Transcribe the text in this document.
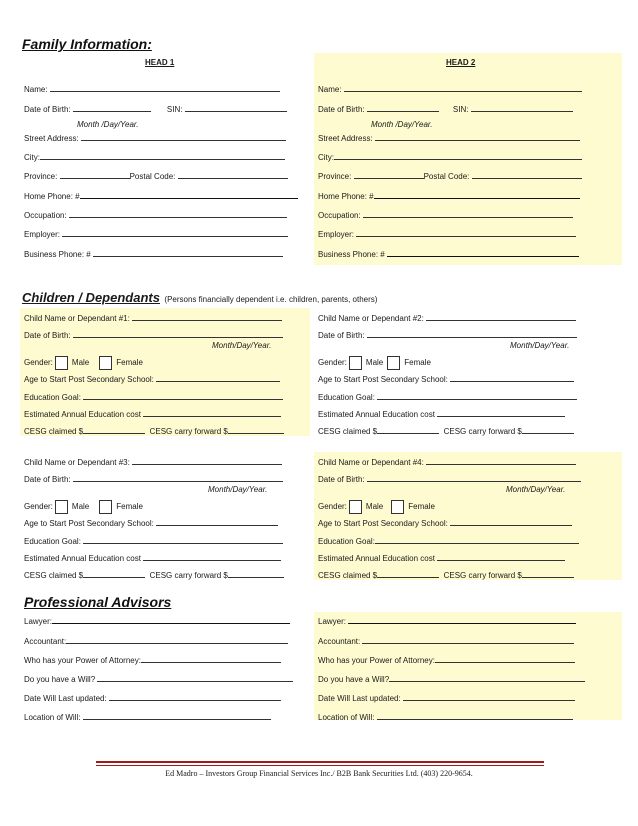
Family Information:
HEAD 1
Name:
Date of Birth:	SIN:
Month /Day/Year.
Street Address:
City:
Province:	Postal Code:
Home Phone: #
Occupation:
Employer:
Business Phone: #
HEAD 2
Name:
Date of Birth:	SIN:
Month /Day/Year.
Street Address:
City:
Province:	Postal Code:
Home Phone: #
Occupation:
Employer:
Business Phone: #
Children / Dependants (Persons financially dependent i.e. children, parents, others)
Child Name or Dependant #1:
Date of Birth:
Month/Day/Year.
Gender: Male	Female
Age to Start Post Secondary School:
Education Goal:
Estimated Annual Education cost
CESG claimed $	CESG carry forward $
Child Name or Dependant #2:
Date of Birth:
Month/Day/Year.
Gender: Male	Female
Age to Start Post Secondary School:
Education Goal:
Estimated Annual Education cost
CESG claimed $	CESG carry forward $
Child Name or Dependant #3:
Date of Birth:
Month/Day/Year.
Gender: Male	Female
Age to Start Post Secondary School:
Education Goal:
Estimated Annual Education cost
CESG claimed $	CESG carry forward $
Child Name or Dependant #4:
Date of Birth:
Month/Day/Year.
Gender: Male	Female
Age to Start Post Secondary School:
Education Goal:
Estimated Annual Education cost
CESG claimed $	CESG carry forward $
Professional Advisors
Lawyer:
Accountant:
Who has your Power of Attorney:
Do you have a Will?
Date Will Last updated:
Location of Will:
Lawyer:
Accountant:
Who has your Power of Attorney:
Do you have a Will?
Date Will Last updated:
Location of Will:
Ed Madro – Investors Group Financial Services Inc./ B2B Bank Securities Ltd. (403) 220-9654.
